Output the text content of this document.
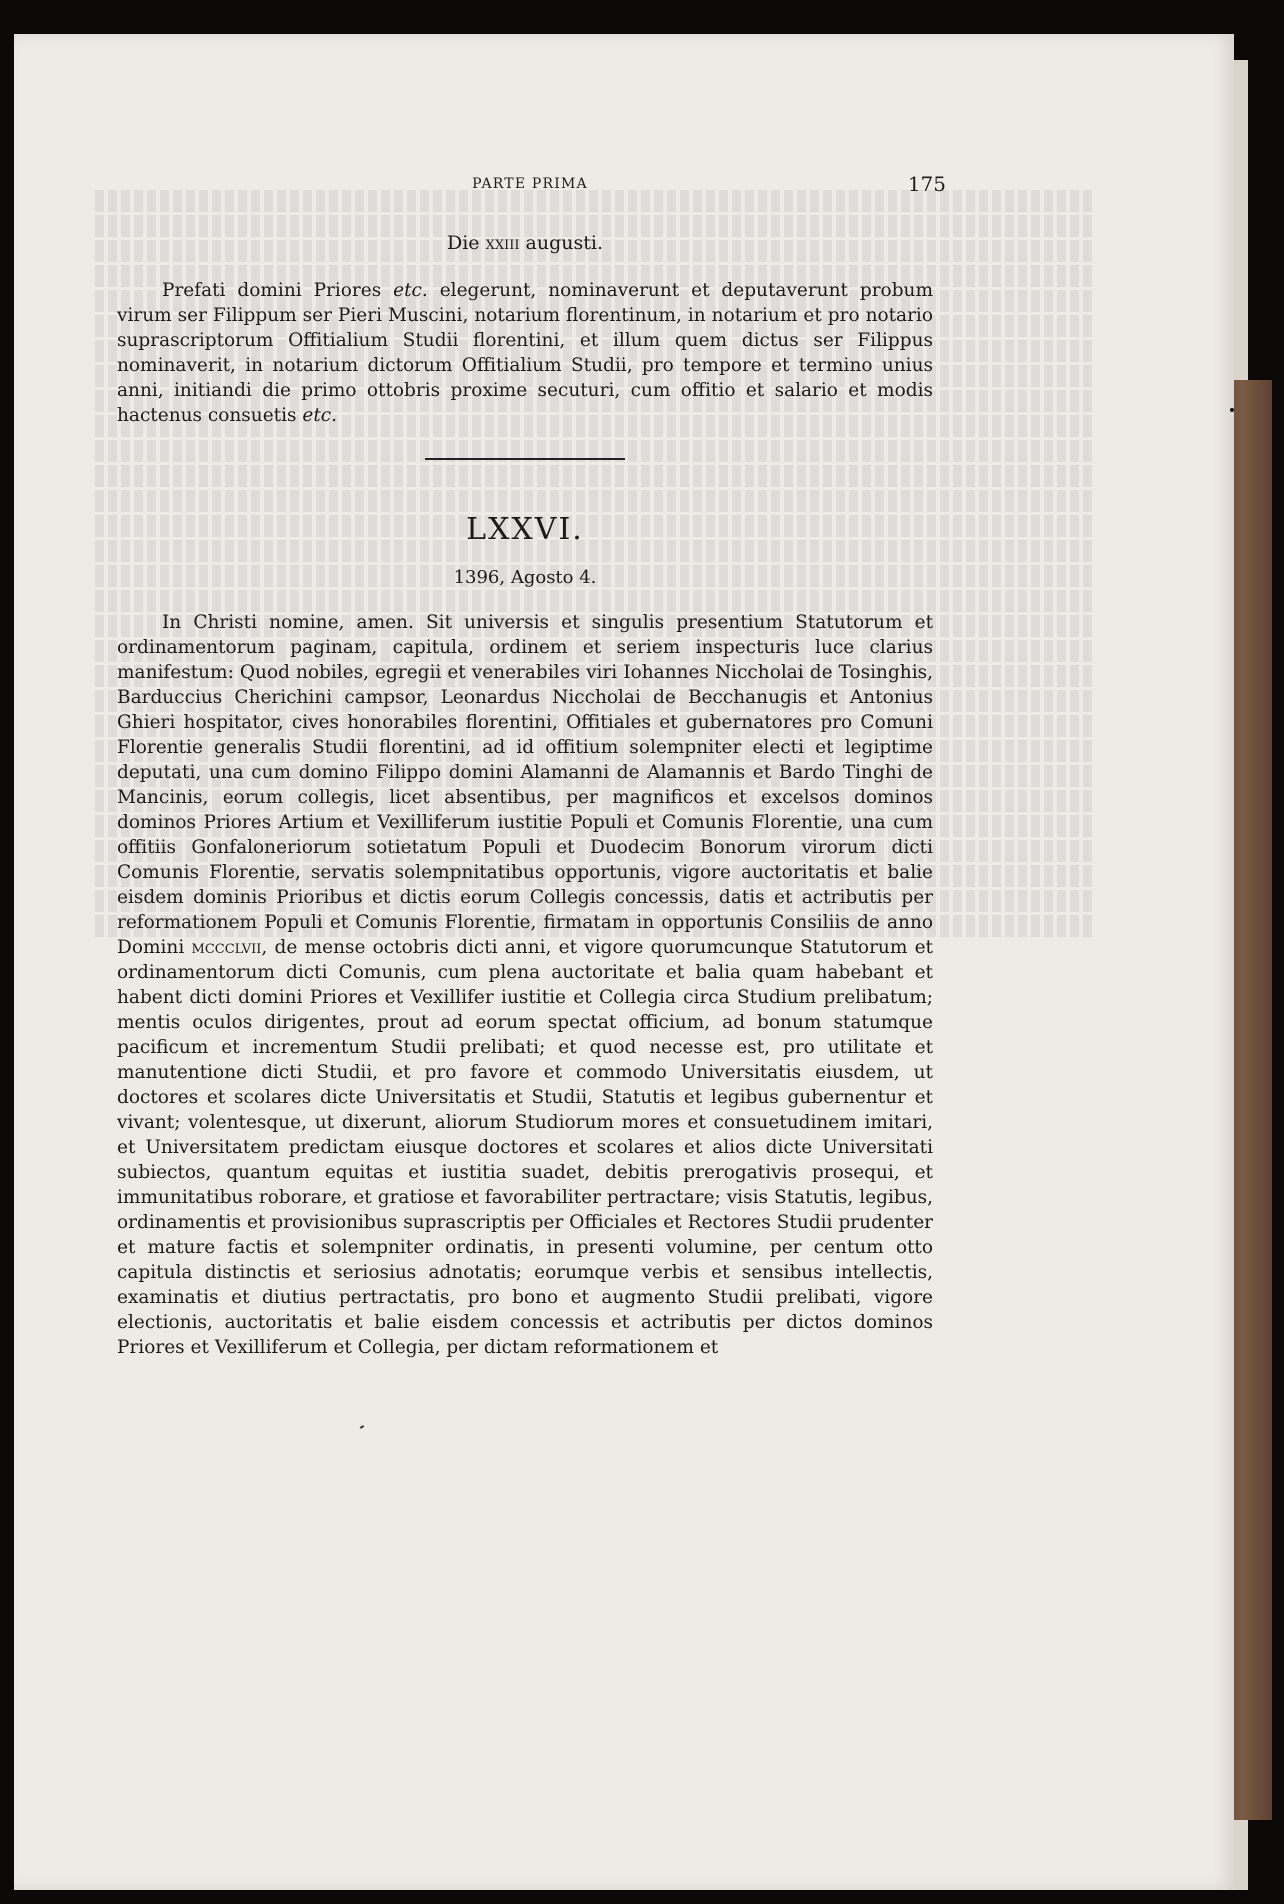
PARTE PRIMA	175
Die xxiii augusti.

Prefati domini Priores etc. elegerunt, nominaverunt et deputaverunt probum virum ser Filippum ser Pieri Muscini, notarium florentinum, in notarium et pro notario suprascriptorum Offitialium Studii florentini, et illum quem dictus ser Filippus nominaverit, in notarium dictorum Offitialium Studii, pro tempore et termino unius anni, initiandi die primo ottobris proxime secuturi, cum offitio et salario et modis hactenus consuetis etc.

LXXVI.
1396, Agosto 4.

In Christi nomine, amen. Sit universis et singulis presentium Statutorum et ordinamentorum paginam, capitula, ordinem et seriem inspecturis luce clarius manifestum: Quod nobiles, egregii et venerabiles viri Iohannes Niccholai de Tosinghis, Barduccius Cherichini campsor, Leonardus Niccholai de Becchanugis et Antonius Ghieri hospitator, cives honorabiles florentini, Offitiales et gubernatores pro Comuni Florentie generalis Studii florentini, ad id offitium solempniter electi et legiptime deputati, una cum domino Filippo domini Alamanni de Alamannis et Bardo Tinghi de Mancinis, eorum collegis, licet absentibus, per magnificos et excelsos dominos dominos Priores Artium et Vexilliferum iustitie Populi et Comunis Florentie, una cum offitiis Gonfaloneriorum sotietatum Populi et Duodecim Bonorum virorum dicti Comunis Florentie, servatis solempnitatibus opportunis, vigore auctoritatis et balie eisdem dominis Prioribus et dictis eorum Collegis concessis, datis et actributis per reformationem Populi et Comunis Florentie, firmatam in opportunis Consiliis de anno Domini mccclvii, de mense octobris dicti anni, et vigore quorumcunque Statutorum et ordinamentorum dicti Comunis, cum plena auctoritate et balia quam habebant et habent dicti domini Priores et Vexillifer iustitie et Collegia circa Studium prelibatum; mentis oculos dirigentes, prout ad eorum spectat officium, ad bonum statumque pacificum et incrementum Studii prelibati; et quod necesse est, pro utilitate et manutentione dicti Studii, et pro favore et commodo Universitatis eiusdem, ut doctores et scolares dicte Universitatis et Studii, Statutis et legibus gubernentur et vivant; volentesque, ut dixerunt, aliorum Studiorum mores et consuetudinem imitari, et Universitatem predictam eiusque doctores et scolares et alios dicte Universitati subiectos, quantum equitas et iustitia suadet, debitis prerogativis prosequi, et immunitatibus roborare, et gratiose et favorabiliter pertractare; visis Statutis, legibus, ordinamentis et provisionibus suprascriptis per Officiales et Rectores Studii prudenter et mature factis et solempniter ordinatis, in presenti volumine, per centum otto capitula distinctis et seriosius adnotatis; eorumque verbis et sensibus intellectis, examinatis et diutius pertractatis, pro bono et augmento Studii prelibati, vigore electionis, auctoritatis et balie eisdem concessis et actributis per dictos dominos Priores et Vexilliferum et Collegia, per dictam reformationem et
